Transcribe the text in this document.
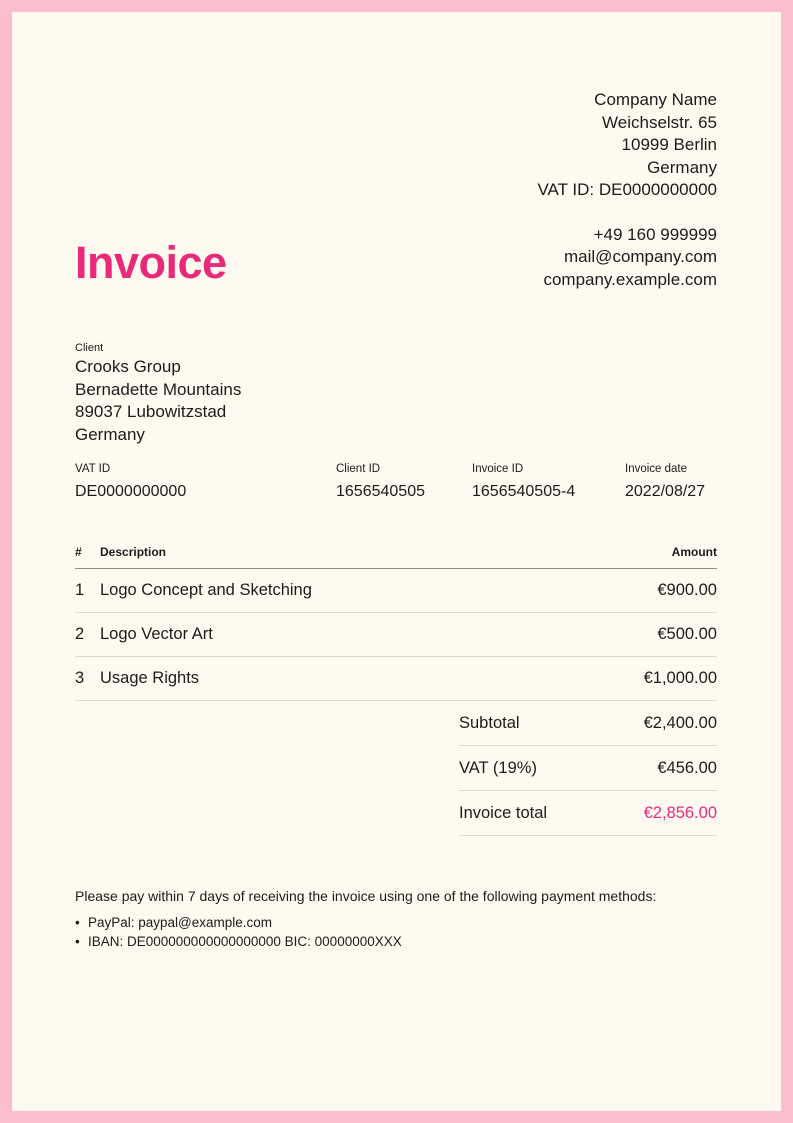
Invoice
Company Name
Weichselstr. 65
10999 Berlin
Germany
VAT ID: DE0000000000
+49 160 999999
mail@company.com
company.example.com
Client
Crooks Group
Bernadette Mountains
89037 Lubowitzstad
Germany
VAT ID
DE0000000000
Client ID
1656540505
Invoice ID
1656540505-4
Invoice date
2022/08/27
#	Description	Amount
1 Logo Concept and Sketching	€900.00
2 Logo Vector Art	€500.00
3 Usage Rights	€1,000.00
Subtotal	€2,400.00
VAT (19%)	€456.00
Invoice total	€2,856.00
Please pay within 7 days of receiving the invoice using one of the following payment methods:
• PayPal: paypal@example.com
• IBAN: DE000000000000000000 BIC: 00000000XXX
